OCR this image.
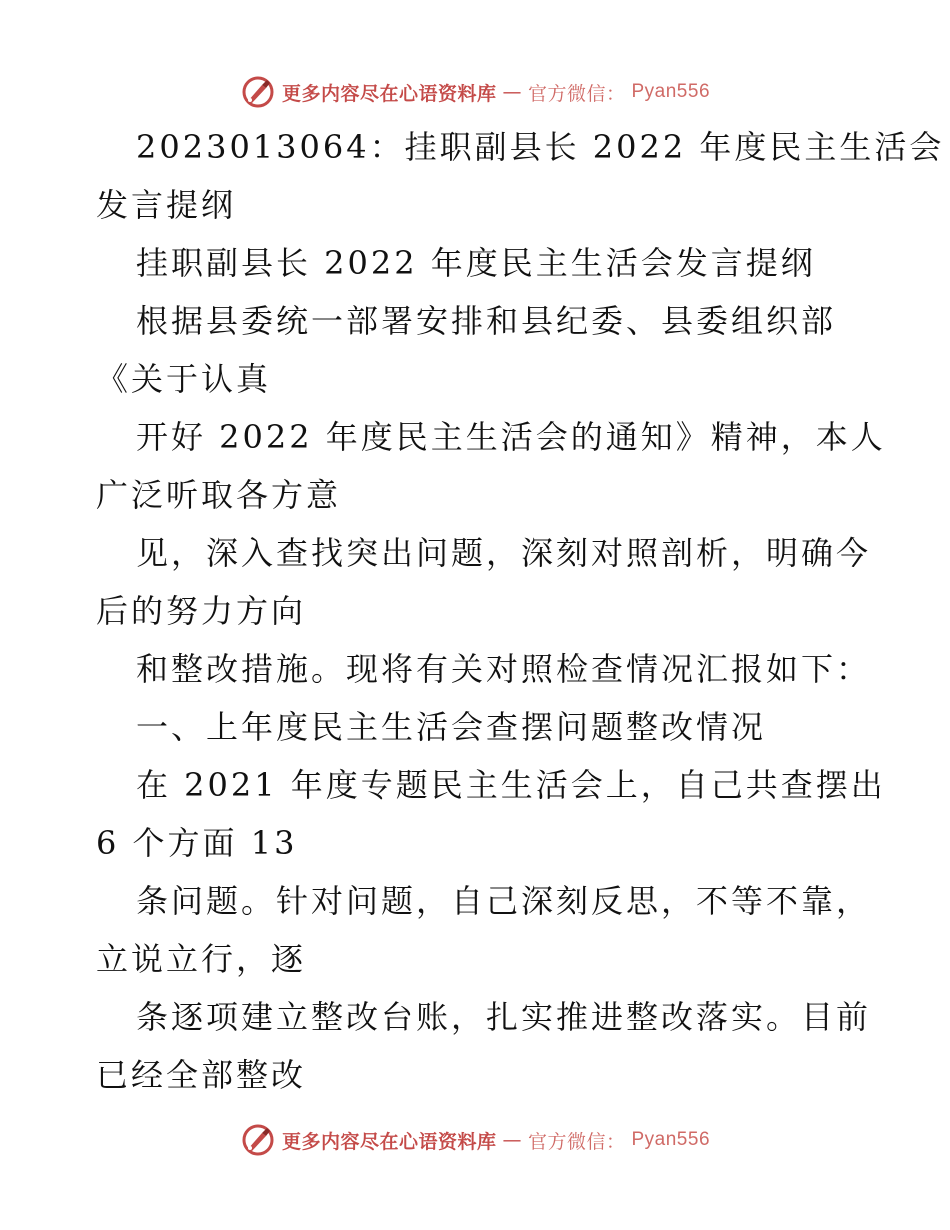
更多内容尽在心语资料库 — 官方微信： Pyan556
2023013064：挂职副县长 2022 年度民主生活会
发言提纲
挂职副县长 2022 年度民主生活会发言提纲
根据县委统一部署安排和县纪委、县委组织部
《关于认真
开好 2022 年度民主生活会的通知》精神，本人
广泛听取各方意
见，深入查找突出问题，深刻对照剖析，明确今
后的努力方向
和整改措施。现将有关对照检查情况汇报如下：
一、上年度民主生活会查摆问题整改情况
在 2021 年度专题民主生活会上，自己共查摆出
6 个方面 13
条问题。针对问题，自己深刻反思，不等不靠，
立说立行，逐
条逐项建立整改台账，扎实推进整改落实。目前
已经全部整改
更多内容尽在心语资料库 — 官方微信： Pyan556
